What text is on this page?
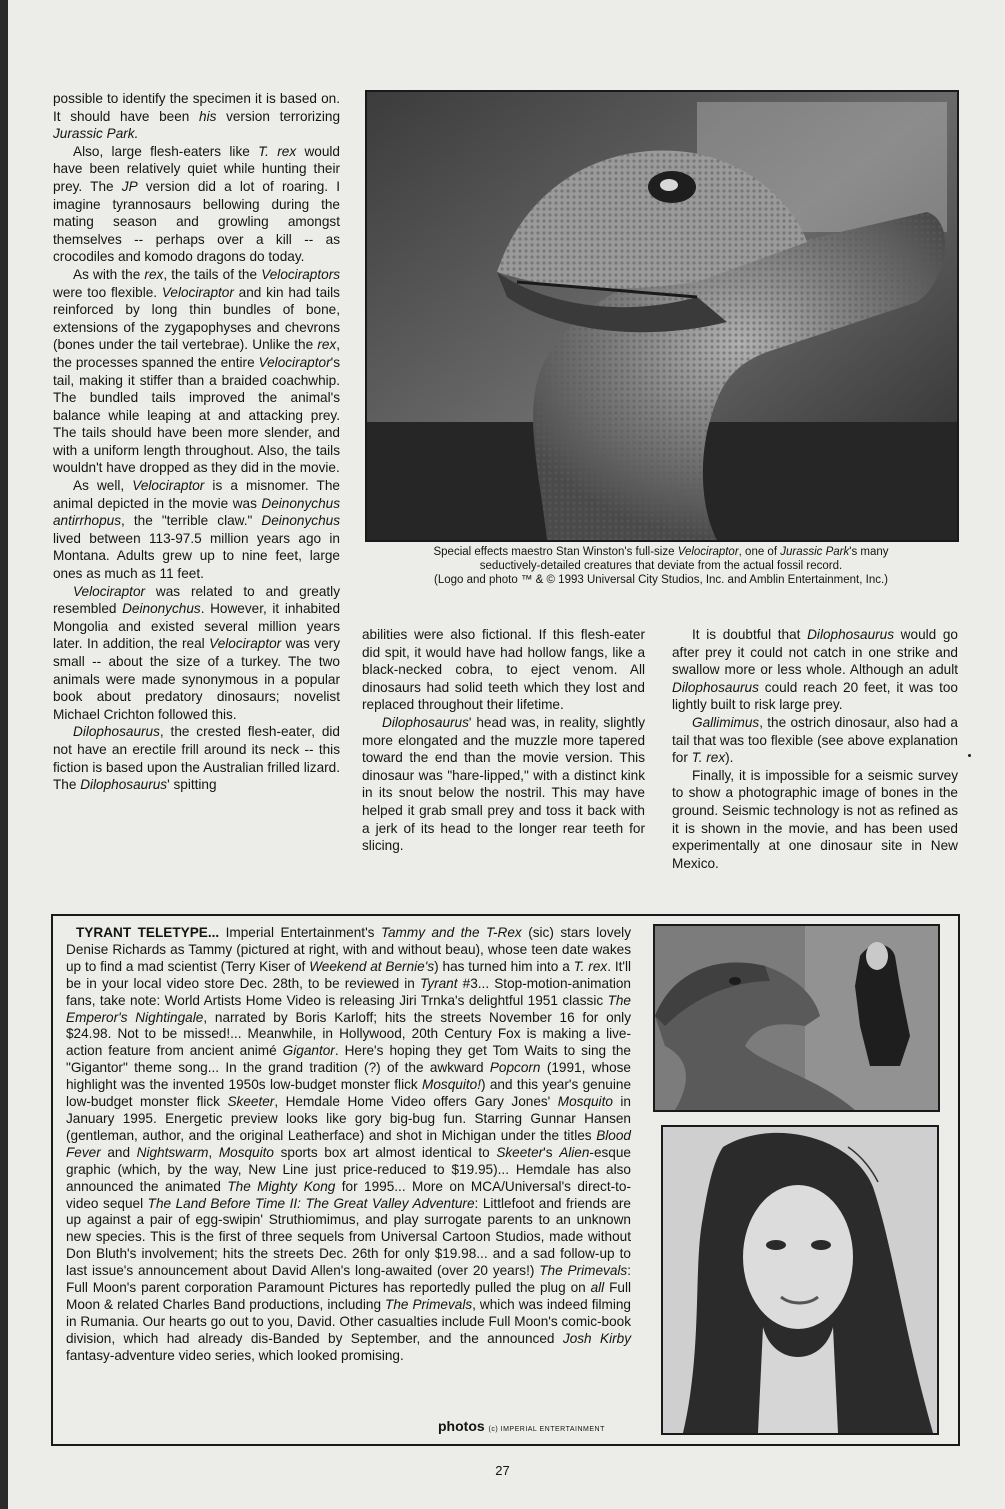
possible to identify the specimen it is based on. It should have been his version terrorizing Jurassic Park.

Also, large flesh-eaters like T. rex would have been relatively quiet while hunting their prey. The JP version did a lot of roaring. I imagine tyrannosaurs bellowing during the mating season and growling amongst themselves -- perhaps over a kill -- as crocodiles and komodo dragons do today.

As with the rex, the tails of the Velociraptors were too flexible. Velociraptor and kin had tails reinforced by long thin bundles of bone, extensions of the zygapophyses and chevrons (bones under the tail vertebrae). Unlike the rex, the processes spanned the entire Velociraptor's tail, making it stiffer than a braided coachwhip. The bundled tails improved the animal's balance while leaping at and attacking prey. The tails should have been more slender, and with a uniform length throughout. Also, the tails wouldn't have dropped as they did in the movie.

As well, Velociraptor is a misnomer. The animal depicted in the movie was Deinonychus antirrhopus, the "terrible claw." Deinonychus lived between 113-97.5 million years ago in Montana. Adults grew up to nine feet, large ones as much as 11 feet.

Velociraptor was related to and greatly resembled Deinonychus. However, it inhabited Mongolia and existed several million years later. In addition, the real Velociraptor was very small -- about the size of a turkey. The two animals were made synonymous in a popular book about predatory dinosaurs; novelist Michael Crichton followed this.

Dilophosaurus, the crested flesh-eater, did not have an erectile frill around its neck -- this fiction is based upon the Australian frilled lizard. The Dilophosaurus' spitting

Special effects maestro Stan Winston's full-size Velociraptor, one of Jurassic Park's many
seductively-detailed creatures that deviate from the actual fossil record.
(Logo and photo ™ & © 1993 Universal City Studios, Inc. and Amblin Entertainment, Inc.)

abilities were also fictional. If this flesh-eater did spit, it would have had hollow fangs, like a black-necked cobra, to eject venom. All dinosaurs had solid teeth which they lost and replaced throughout their lifetime.

Dilophosaurus' head was, in reality, slightly more elongated and the muzzle more tapered toward the end than the movie version. This dinosaur was "hare-lipped," with a distinct kink in its snout below the nostril. This may have helped it grab small prey and toss it back with a jerk of its head to the longer rear teeth for slicing.

It is doubtful that Dilophosaurus would go after prey it could not catch in one strike and swallow more or less whole. Although an adult Dilophosaurus could reach 20 feet, it was too lightly built to risk large prey.

Gallimimus, the ostrich dinosaur, also had a tail that was too flexible (see above explanation for T. rex).

Finally, it is impossible for a seismic survey to show a photographic image of bones in the ground. Seismic technology is not as refined as it is shown in the movie, and has been used experimentally at one dinosaur site in New Mexico.

TYRANT TELETYPE... Imperial Entertainment's Tammy and the T-Rex (sic) stars lovely Denise Richards as Tammy (pictured at right, with and without beau), whose teen date wakes up to find a mad scientist (Terry Kiser of Weekend at Bernie's) has turned him into a T. rex. It'll be in your local video store Dec. 28th, to be reviewed in Tyrant #3... Stop-motion-animation fans, take note: World Artists Home Video is releasing Jiri Trnka's delightful 1951 classic The Emperor's Nightingale, narrated by Boris Karloff; hits the streets November 16 for only $24.98. Not to be missed!... Meanwhile, in Hollywood, 20th Century Fox is making a live-action feature from ancient animé Gigantor. Here's hoping they get Tom Waits to sing the "Gigantor" theme song... In the grand tradition (?) of the awkward Popcorn (1991, whose highlight was the invented 1950s low-budget monster flick Mosquito!) and this year's genuine low-budget monster flick Skeeter, Hemdale Home Video offers Gary Jones' Mosquito in January 1995. Energetic preview looks like gory big-bug fun. Starring Gunnar Hansen (gentleman, author, and the original Leatherface) and shot in Michigan under the titles Blood Fever and Nightswarm, Mosquito sports box art almost identical to Skeeter's Alien-esque graphic (which, by the way, New Line just price-reduced to $19.95)... Hemdale has also announced the animated The Mighty Kong for 1995... More on MCA/Universal's direct-to-video sequel The Land Before Time II: The Great Valley Adventure: Littlefoot and friends are up against a pair of egg-swipin' Struthiomimus, and play surrogate parents to an unknown new species. This is the first of three sequels from Universal Cartoon Studios, made without Don Bluth's involvement; hits the streets Dec. 26th for only $19.98... and a sad follow-up to last issue's announcement about David Allen's long-awaited (over 20 years!) The Primevals: Full Moon's parent corporation Paramount Pictures has reportedly pulled the plug on all Full Moon & related Charles Band productions, including The Primevals, which was indeed filming in Rumania. Our hearts go out to you, David. Other casualties include Full Moon's comic-book division, which had already dis-Banded by September, and the announced Josh Kirby fantasy-adventure video series, which looked promising.

photos (c) IMPERIAL ENTERTAINMENT
27
